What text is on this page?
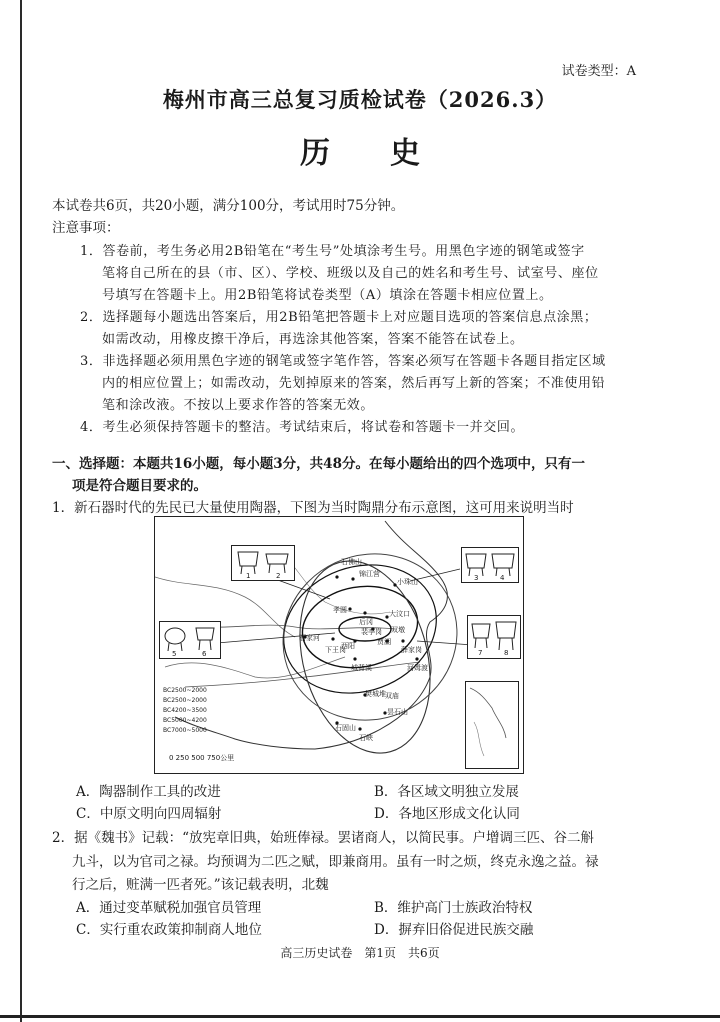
试卷类型：A
梅州市高三总复习质检试卷（2026.3）
历史
本试卷共6页，共20小题，满分100分，考试用时75分钟。
注意事项：
1．答卷前，考生务必用2B铅笔在“考生号”处填涂考生号。用黑色字迹的钢笔或签字
笔将自己所在的县（市、区）、学校、班级以及自己的姓名和考生号、试室号、座位
号填写在答题卡上。用2B铅笔将试卷类型（A）填涂在答题卡相应位置上。
2．选择题每小题选出答案后，用2B铅笔把答题卡上对应题目选项的答案信息点涂黑；
如需改动，用橡皮擦干净后，再选涂其他答案，答案不能答在试卷上。
3．非选择题必须用黑色字迹的钢笔或签字笔作答，答案必须写在答题卡各题目指定区域
内的相应位置上；如需改动，先划掉原来的答案，然后再写上新的答案；不准使用铅
笔和涂改液。不按以上要求作答的答案无效。
4．考生必须保持答题卡的整洁。考试结束后，将试卷和答题卡一并交回。
一、选择题：本题共16小题，每小题3分，共48分。在每小题给出的四个选项中，只有一
项是符合题目要求的。
1．新石器时代的先民已大量使用陶器，下图为当时陶鼎分布示意图，这可用来说明当时
1	2	3	4
5	6	7	8
石佛山
锦江营
小珠山
孝圆
后冈
大汶口
裴李岗
贾湖
西阳
双墩
下王岗
石家河
城背溪
薛家岗
河姆渡
樊城堆
昙石山
石峡
石固山
双庙
BC2500~2000
BC2500~2000
BC4200~3500
BC5000~4200
BC7000~5000
0 250 500 750公里
A．陶器制作工具的改进	B．各区域文明独立发展
C．中原文明向四周辐射	D．各地区形成文化认同
2．据《魏书》记载：“放宪章旧典，始班俸禄。罢诸商人，以简民事。户增调三匹、谷二斛
九斗，以为官司之禄。均预调为二匹之赋，即兼商用。虽有一时之烦，终克永逸之益。禄
行之后，赃满一匹者死。”该记载表明，北魏
A．通过变革赋税加强官员管理	B．维护高门士族政治特权
C．实行重农政策抑制商人地位	D．摒弃旧俗促进民族交融
高三历史试卷　第1页　共6页
